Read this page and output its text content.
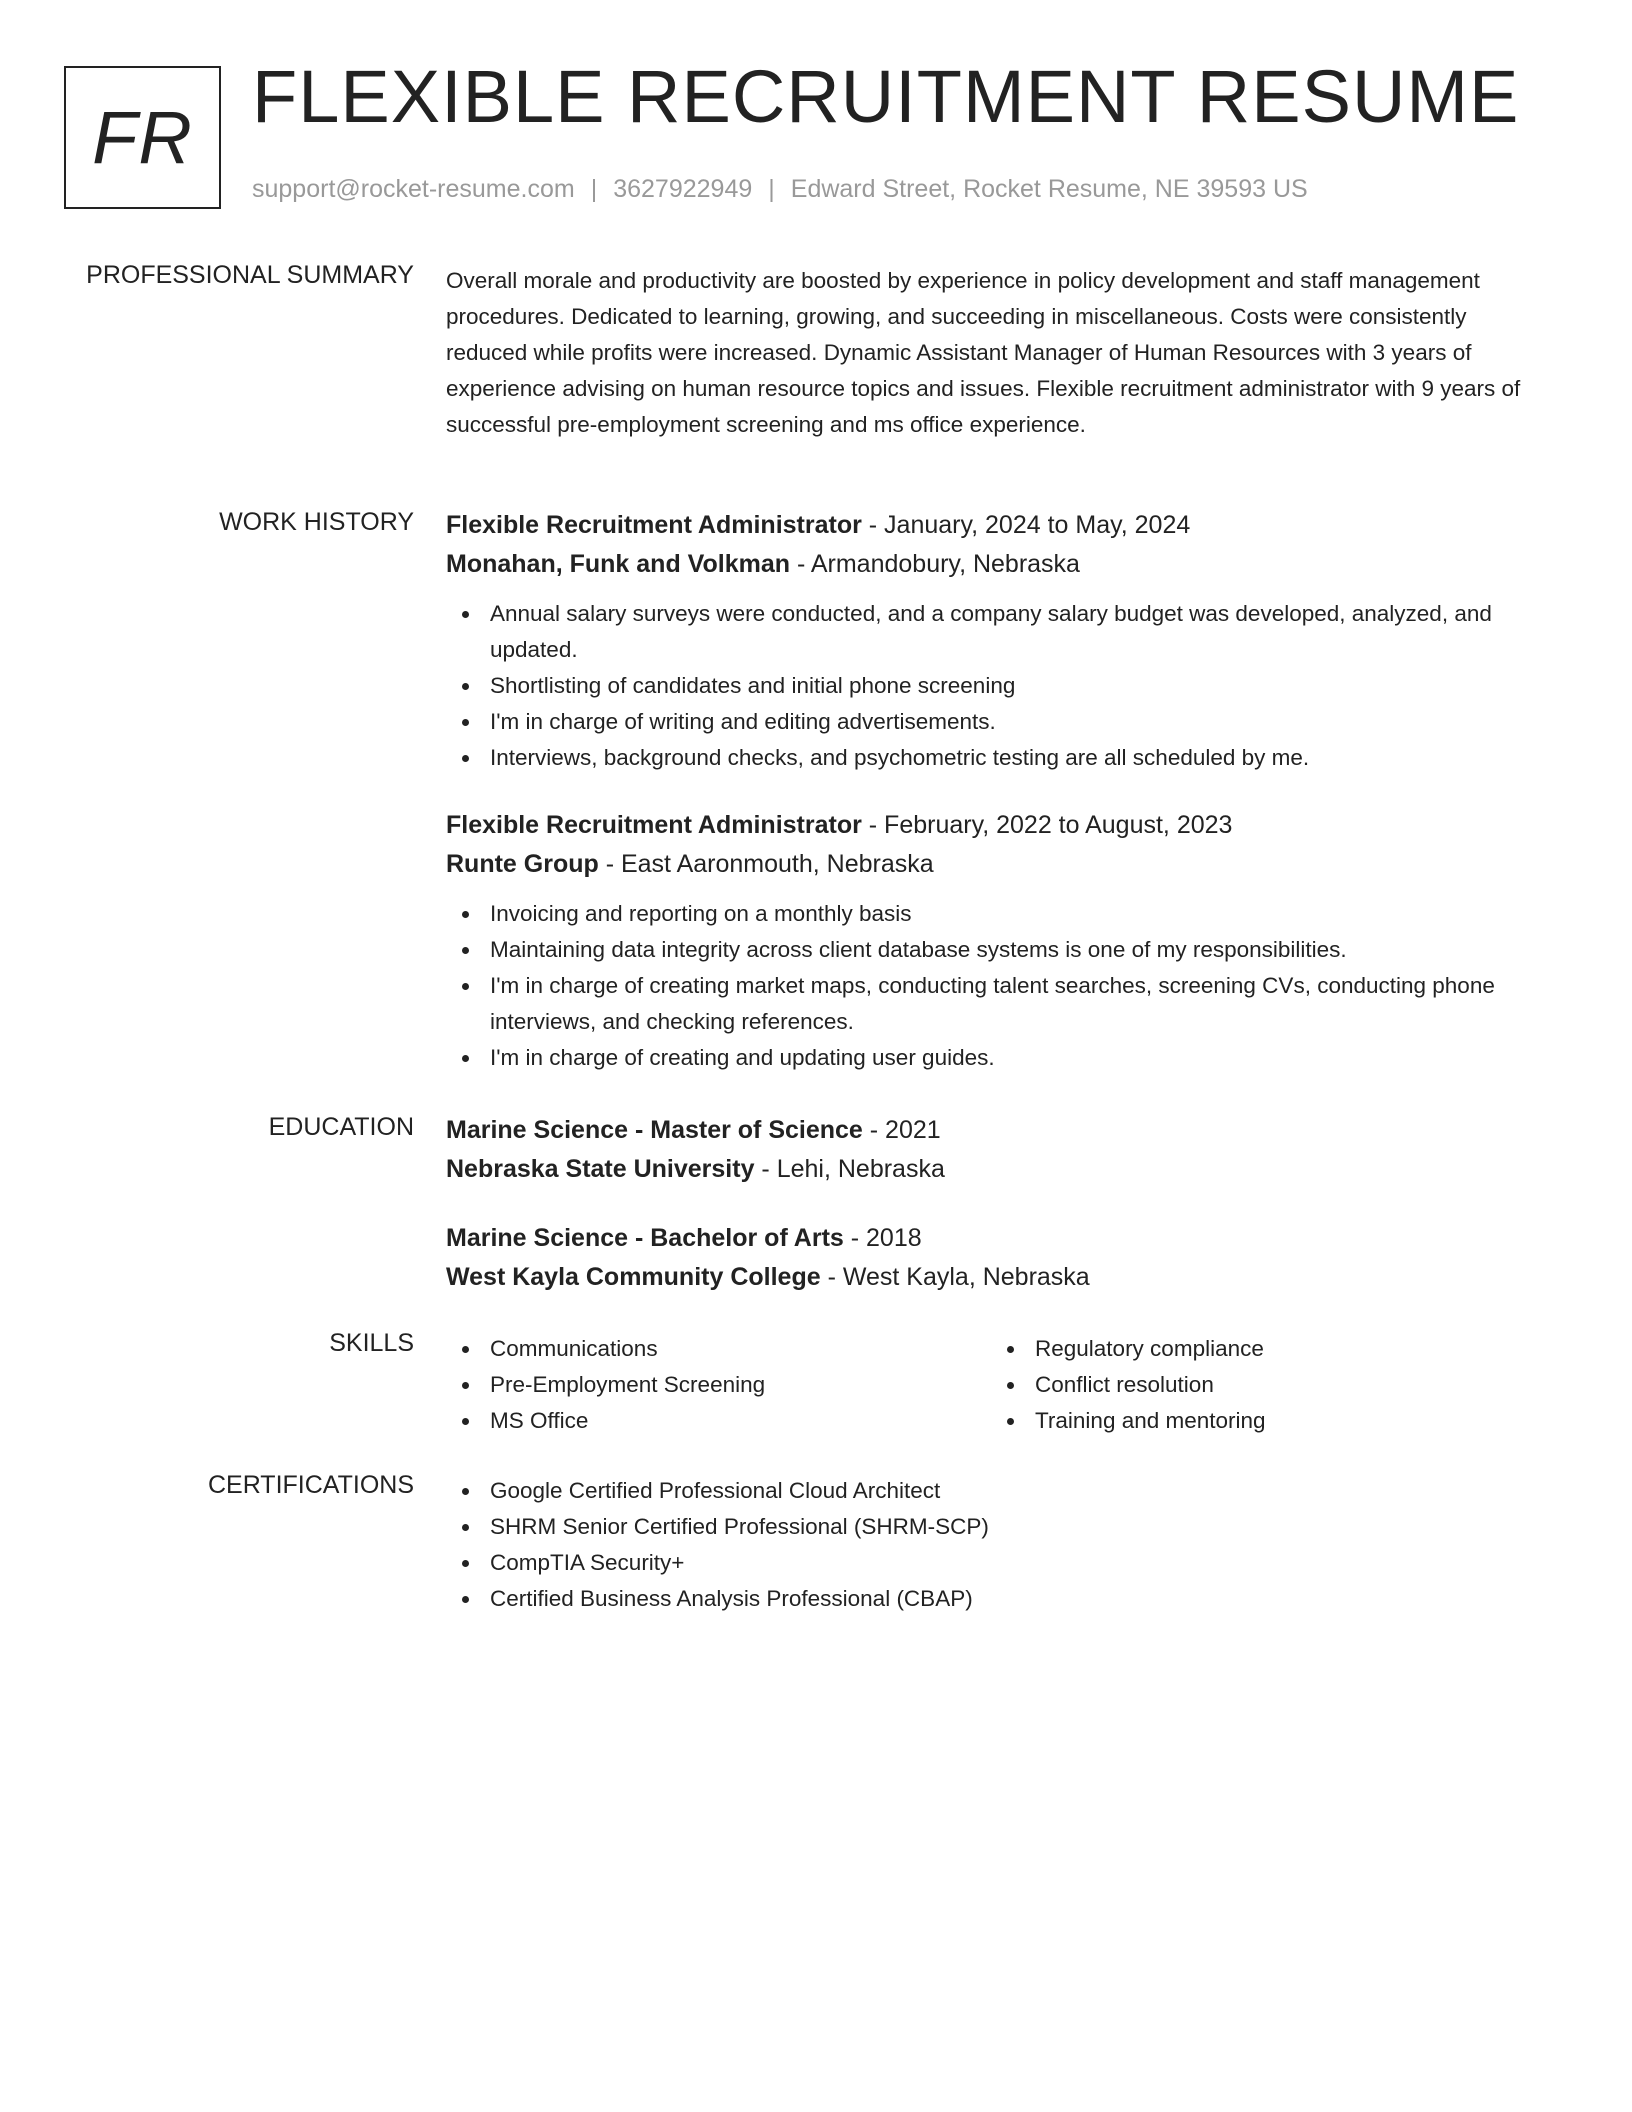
FR FLEXIBLE RECRUITMENT RESUME
support@rocket-resume.com | 3627922949 | Edward Street, Rocket Resume, NE 39593 US
PROFESSIONAL SUMMARY Overall morale and productivity are boosted by experience in policy development and staff management procedures. Dedicated to learning, growing, and succeeding in miscellaneous. Costs were consistently reduced while profits were increased. Dynamic Assistant Manager of Human Resources with 3 years of experience advising on human resource topics and issues. Flexible recruitment administrator with 9 years of successful pre-employment screening and ms office experience.
WORK HISTORY Flexible Recruitment Administrator - January, 2024 to May, 2024
Monahan, Funk and Volkman - Armandobury, Nebraska
Annual salary surveys were conducted, and a company salary budget was developed, analyzed, and updated.
Shortlisting of candidates and initial phone screening
I'm in charge of writing and editing advertisements.
Interviews, background checks, and psychometric testing are all scheduled by me.
Flexible Recruitment Administrator - February, 2022 to August, 2023
Runte Group - East Aaronmouth, Nebraska
Invoicing and reporting on a monthly basis
Maintaining data integrity across client database systems is one of my responsibilities.
I'm in charge of creating market maps, conducting talent searches, screening CVs, conducting phone interviews, and checking references.
I'm in charge of creating and updating user guides.
EDUCATION Marine Science - Master of Science - 2021
Nebraska State University - Lehi, Nebraska
Marine Science - Bachelor of Arts - 2018
West Kayla Community College - West Kayla, Nebraska
SKILLS	Communications
Pre-Employment Screening
MS Office
Regulatory compliance
Conflict resolution
Training and mentoring
CERTIFICATIONS	Google Certified Professional Cloud Architect
SHRM Senior Certified Professional (SHRM-SCP)
CompTIA Security+
Certified Business Analysis Professional (CBAP)
